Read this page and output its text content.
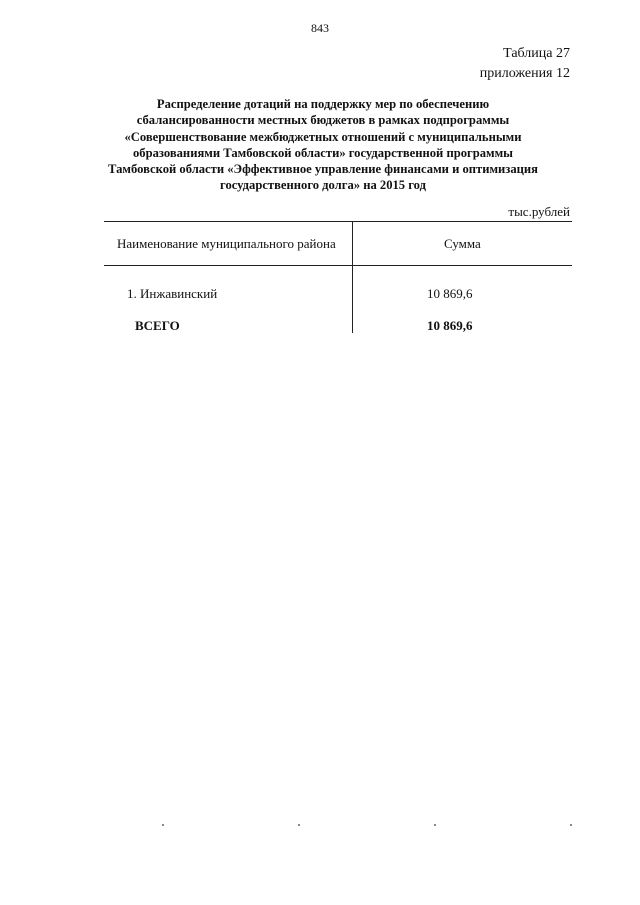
843
Таблица 27
приложения 12
Распределение дотаций на поддержку мер по обеспечению
сбалансированности местных бюджетов в рамках подпрограммы
«Совершенствование межбюджетных отношений с муниципальными
образованиями Тамбовской области» государственной программы
Тамбовской области «Эффективное управление финансами и оптимизация
государственного долга» на 2015 год
тыс.рублей
Наименование муниципального района	Сумма
1. Инжавинский	10 869,6
ВСЕГО	10 869,6
